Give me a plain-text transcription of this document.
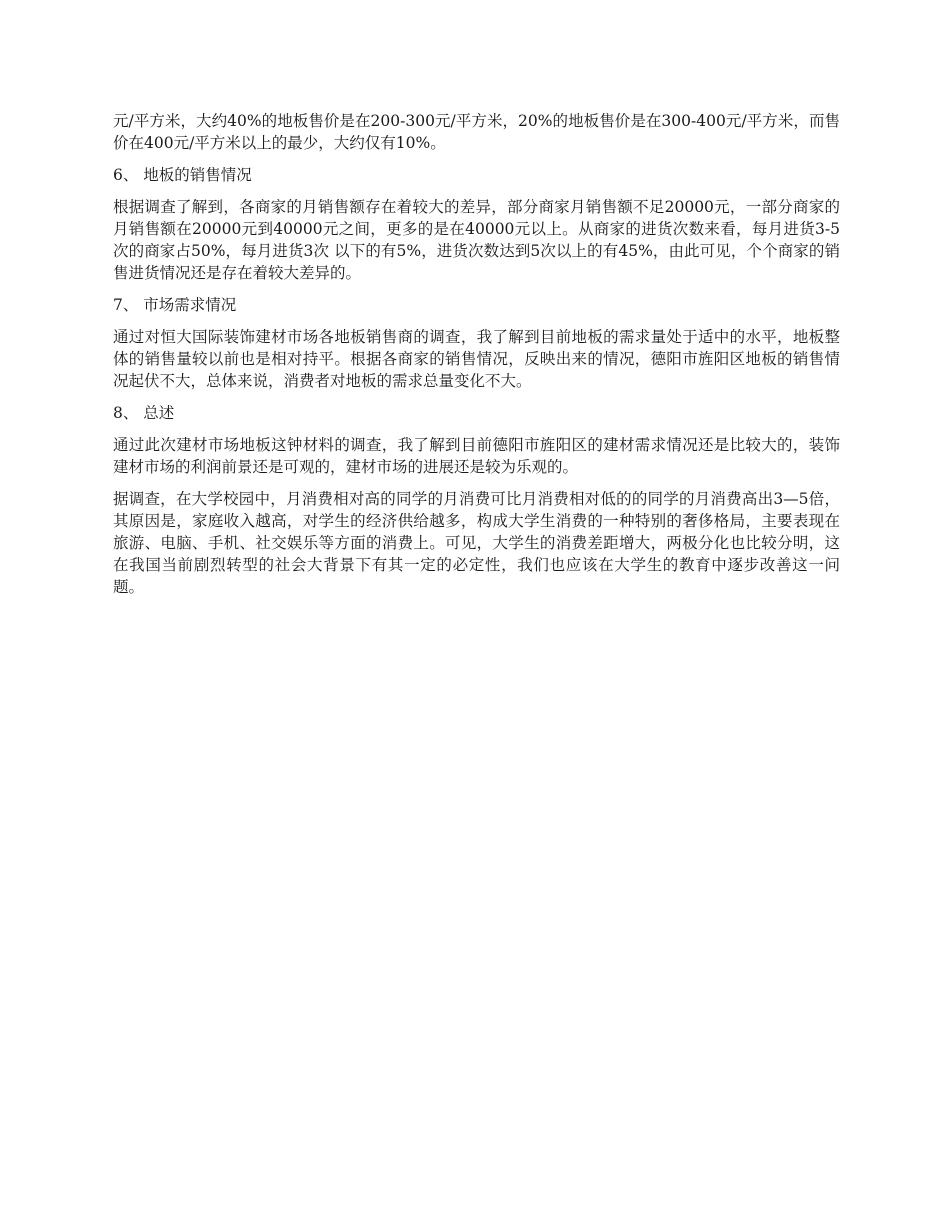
元/平方米，大约40%的地板售价是在200-300元/平方米，20%的地板售价是在300-400元/平方米，而售价在400元/平方米以上的最少，大约仅有10%。

6、 地板的销售情况

根据调查了解到，各商家的月销售额存在着较大的差异，部分商家月销售额不足20000元，一部分商家的月销售额在20000元到40000元之间，更多的是在40000元以上。从商家的进货次数来看，每月进货3-5次的商家占50%，每月进货3次 以下的有5%，进货次数达到5次以上的有45%，由此可见，个个商家的销售进货情况还是存在着较大差异的。

7、 市场需求情况

通过对恒大国际装饰建材市场各地板销售商的调查，我了解到目前地板的需求量处于适中的水平，地板整体的销售量较以前也是相对持平。根据各商家的销售情况，反映出来的情况，德阳市旌阳区地板的销售情况起伏不大，总体来说，消费者对地板的需求总量变化不大。

8、 总述

通过此次建材市场地板这钟材料的调查，我了解到目前德阳市旌阳区的建材需求情况还是比较大的，装饰建材市场的利润前景还是可观的，建材市场的进展还是较为乐观的。

据调查，在大学校园中，月消费相对高的同学的月消费可比月消费相对低的的同学的月消费高出3—5倍，其原因是，家庭收入越高，对学生的经济供给越多，构成大学生消费的一种特别的奢侈格局，主要表现在旅游、电脑、手机、社交娱乐等方面的消费上。可见，大学生的消费差距增大，两极分化也比较分明，这在我国当前剧烈转型的社会大背景下有其一定的必定性，我们也应该在大学生的教育中逐步改善这一问题。
